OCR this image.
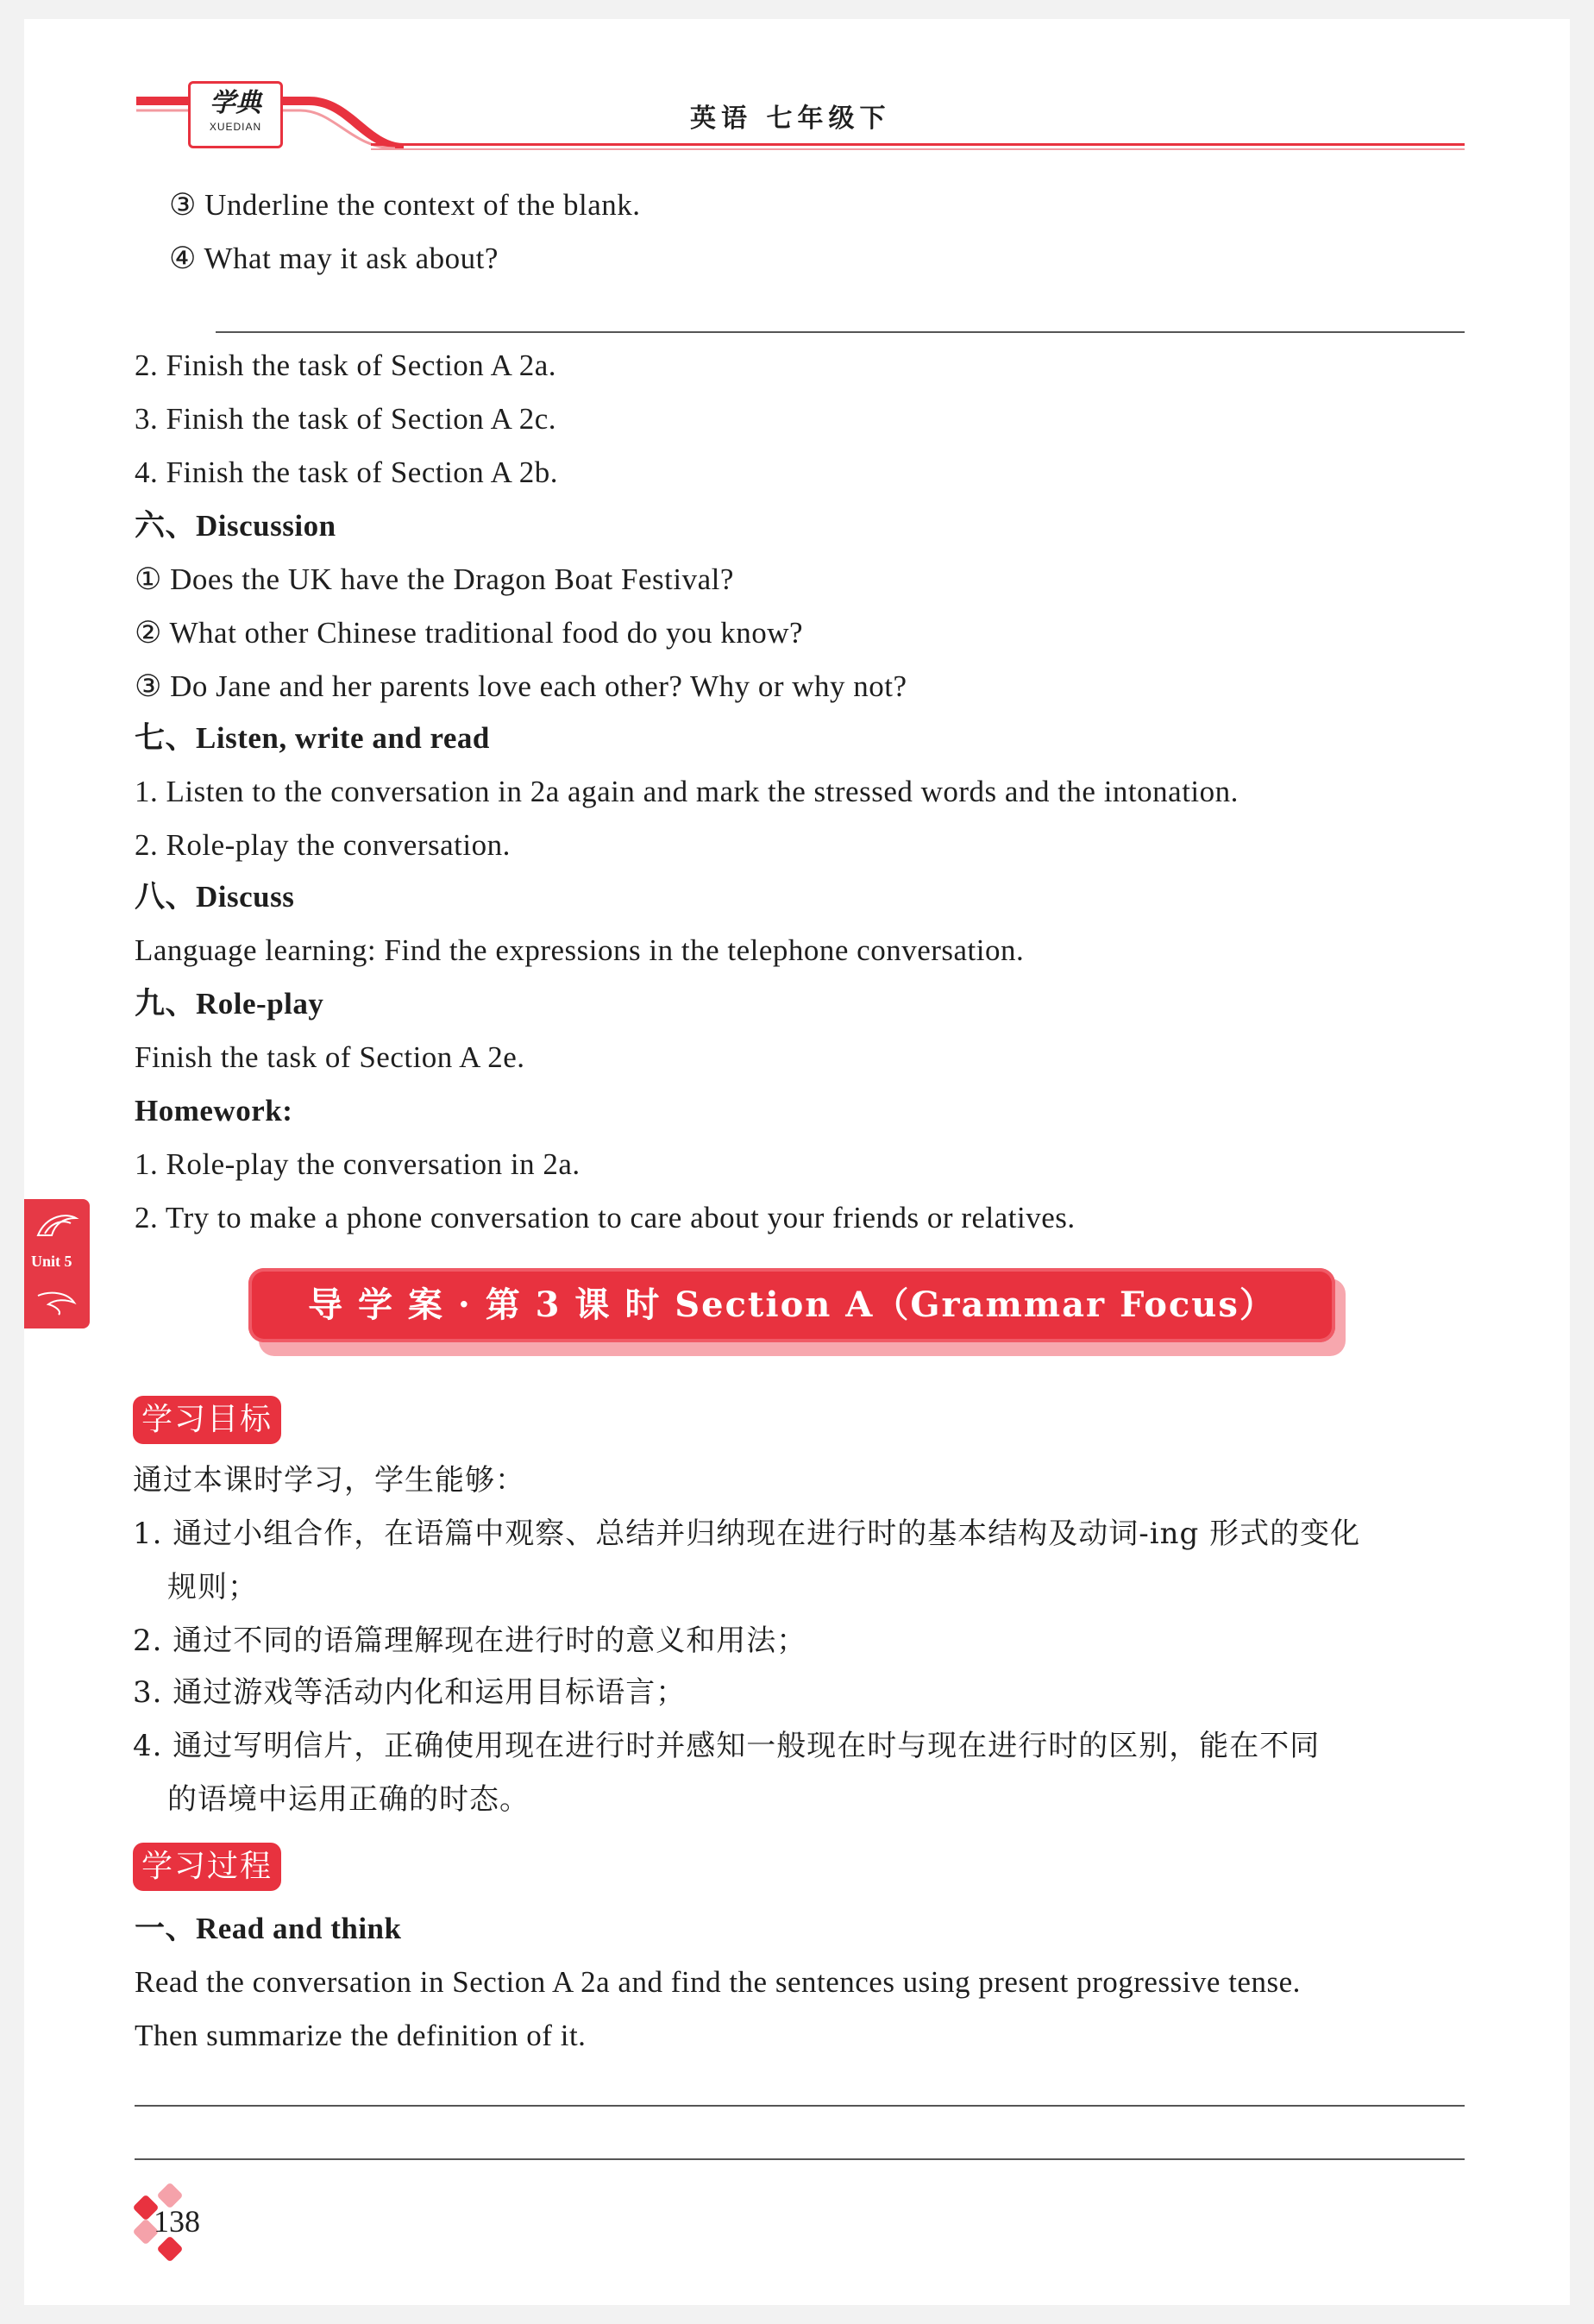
学典
XUEDIAN	英语 七年级下
③ Underline the context of the blank.
④ What may it ask about?
2. Finish the task of Section A 2a.
3. Finish the task of Section A 2c.
4. Finish the task of Section A 2b.
六、Discussion
① Does the UK have the Dragon Boat Festival?
② What other Chinese traditional food do you know?
③ Do Jane and her parents love each other? Why or why not?
七、Listen, write and read
1. Listen to the conversation in 2a again and mark the stressed words and the intonation.
2. Role-play the conversation.
八、Discuss
Language learning: Find the expressions in the telephone conversation.
九、Role-play
Finish the task of Section A 2e.
Homework:
1. Role-play the conversation in 2a.
2. Try to make a phone conversation to care about your friends or relatives.
Unit 5
导 学 案 · 第 3 课 时 Section A（Grammar Focus）
学习目标
通过本课时学习，学生能够：
1. 通过小组合作，在语篇中观察、总结并归纳现在进行时的基本结构及动词-ing 形式的变化
规则；
2. 通过不同的语篇理解现在进行时的意义和用法；
3. 通过游戏等活动内化和运用目标语言；
4. 通过写明信片，正确使用现在进行时并感知一般现在时与现在进行时的区别，能在不同
的语境中运用正确的时态。
学习过程
一、Read and think
Read the conversation in Section A 2a and find the sentences using present progressive tense.
Then summarize the definition of it.
138
